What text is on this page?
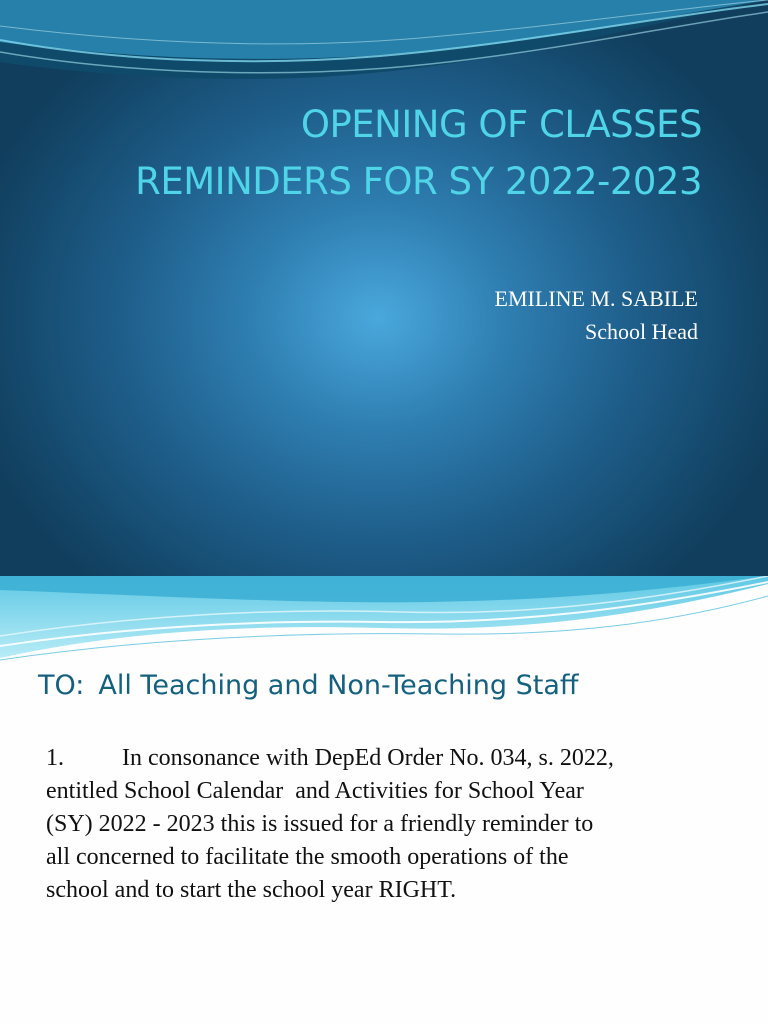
OPENING OF CLASSES
REMINDERS FOR SY 2022-2023
EMILINE M. SABILE
School Head
TO: All Teaching and Non-Teaching Staff
1. In consonance with DepEd Order No. 034, s. 2022,
entitled School Calendar  and Activities for School Year
(SY) 2022 - 2023 this is issued for a friendly reminder to
all concerned to facilitate the smooth operations of the
school and to start the school year RIGHT.
